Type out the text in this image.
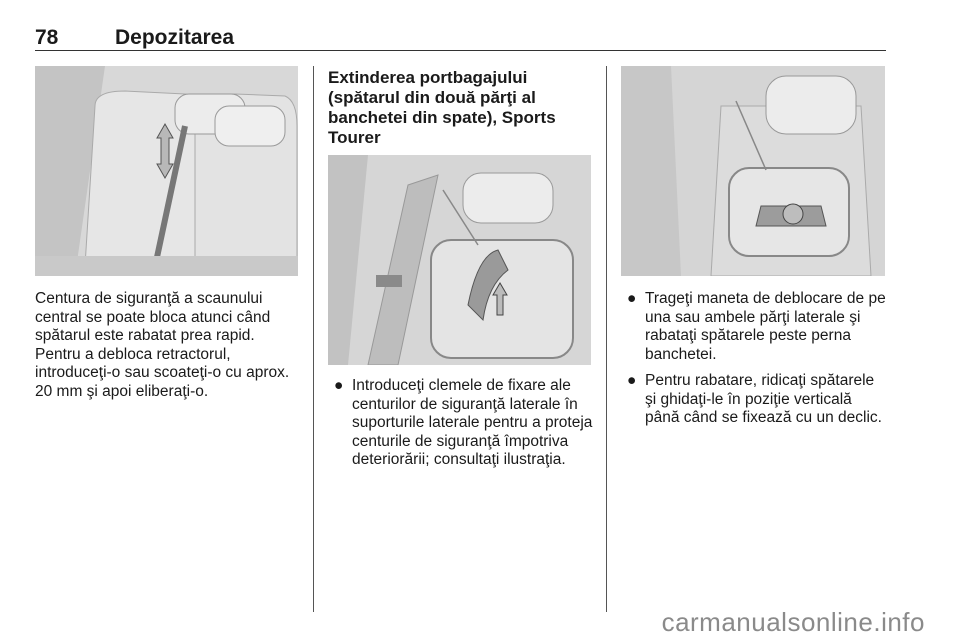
78	Depozitarea
Centura de siguranţă a scaunului central se poate bloca atunci când spătarul este rabatat prea rapid. Pentru a debloca retractorul, introduceţi-o sau scoateţi-o cu aprox. 20 mm şi apoi eliberaţi-o.
Extinderea portbagajului (spătarul din două părţi al banchetei din spate), Sports Tourer
● Introduceţi clemele de fixare ale centurilor de siguranţă laterale în suporturile laterale pentru a proteja centurile de siguranţă împotriva deteriorării; consultaţi ilustraţia.
● Trageţi maneta de deblocare de pe una sau ambele părţi laterale şi rabataţi spătarele peste perna banchetei.
● Pentru rabatare, ridicaţi spătarele şi ghidaţi-le în poziţie verticală până când se fixează cu un declic.
carmanualsonline.info
